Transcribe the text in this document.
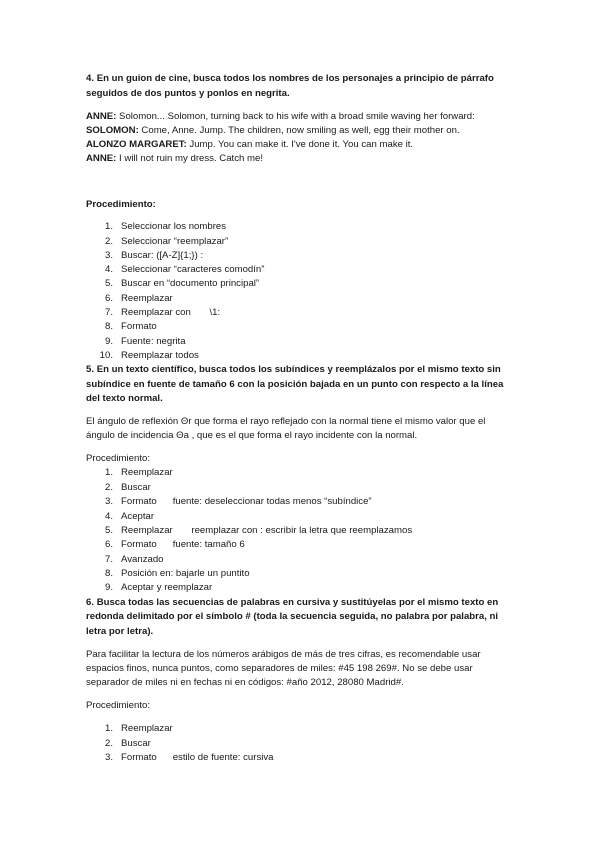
4. En un guion de cine, busca todos los nombres de los personajes a principio de párrafo
seguidos de dos puntos y ponlos en negrita.
ANNE: Solomon... Solomon, turning back to his wife with a broad smile waving her forward:
SOLOMON: Come, Anne. Jump. The children, now smiling as well, egg their mother on.
ALONZO MARGARET: Jump. You can make it. I've done it. You can make it.
ANNE: I will not ruin my dress. Catch me!
Procedimiento:
1. Seleccionar los nombres
2. Seleccionar “reemplazar”
3. Buscar: ([A-Z]{1;}) :
4. Seleccionar “caracteres comodín”
5. Buscar en “documento principal”
6. Reemplazar
7. Reemplazar con       \1:
8. Formato
9. Fuente: negrita
10. Reemplazar todos
5. En un texto científico, busca todos los subíndices y reemplázalos por el mismo texto sin
subíndice en fuente de tamaño 6 con la posición bajada en un punto con respecto a la línea
del texto normal.
El ángulo de reflexión Θr que forma el rayo reflejado con la normal tiene el mismo valor que el
ángulo de incidencia Θa , que es el que forma el rayo incidente con la normal.
Procedimiento:
1. Reemplazar
2. Buscar
3. Formato      fuente: deseleccionar todas menos “subíndice”
4. Aceptar
5. Reemplazar       reemplazar con : escribir la letra que reemplazamos
6. Formato      fuente: tamaño 6
7. Avanzado
8. Posición en: bajarle un puntito
9. Aceptar y reemplazar
6. Busca todas las secuencias de palabras en cursiva y sustitúyelas por el mismo texto en
redonda delimitado por el símbolo # (toda la secuencia seguida, no palabra por palabra, ni
letra por letra).
Para facilitar la lectura de los números arábigos de más de tres cifras, es recomendable usar
espacios finos, nunca puntos, como separadores de miles: #45 198 269#. No se debe usar
separador de miles ni en fechas ni en códigos: #año 2012, 28080 Madrid#.
Procedimiento:
1. Reemplazar
2. Buscar
3. Formato      estilo de fuente: cursiva
